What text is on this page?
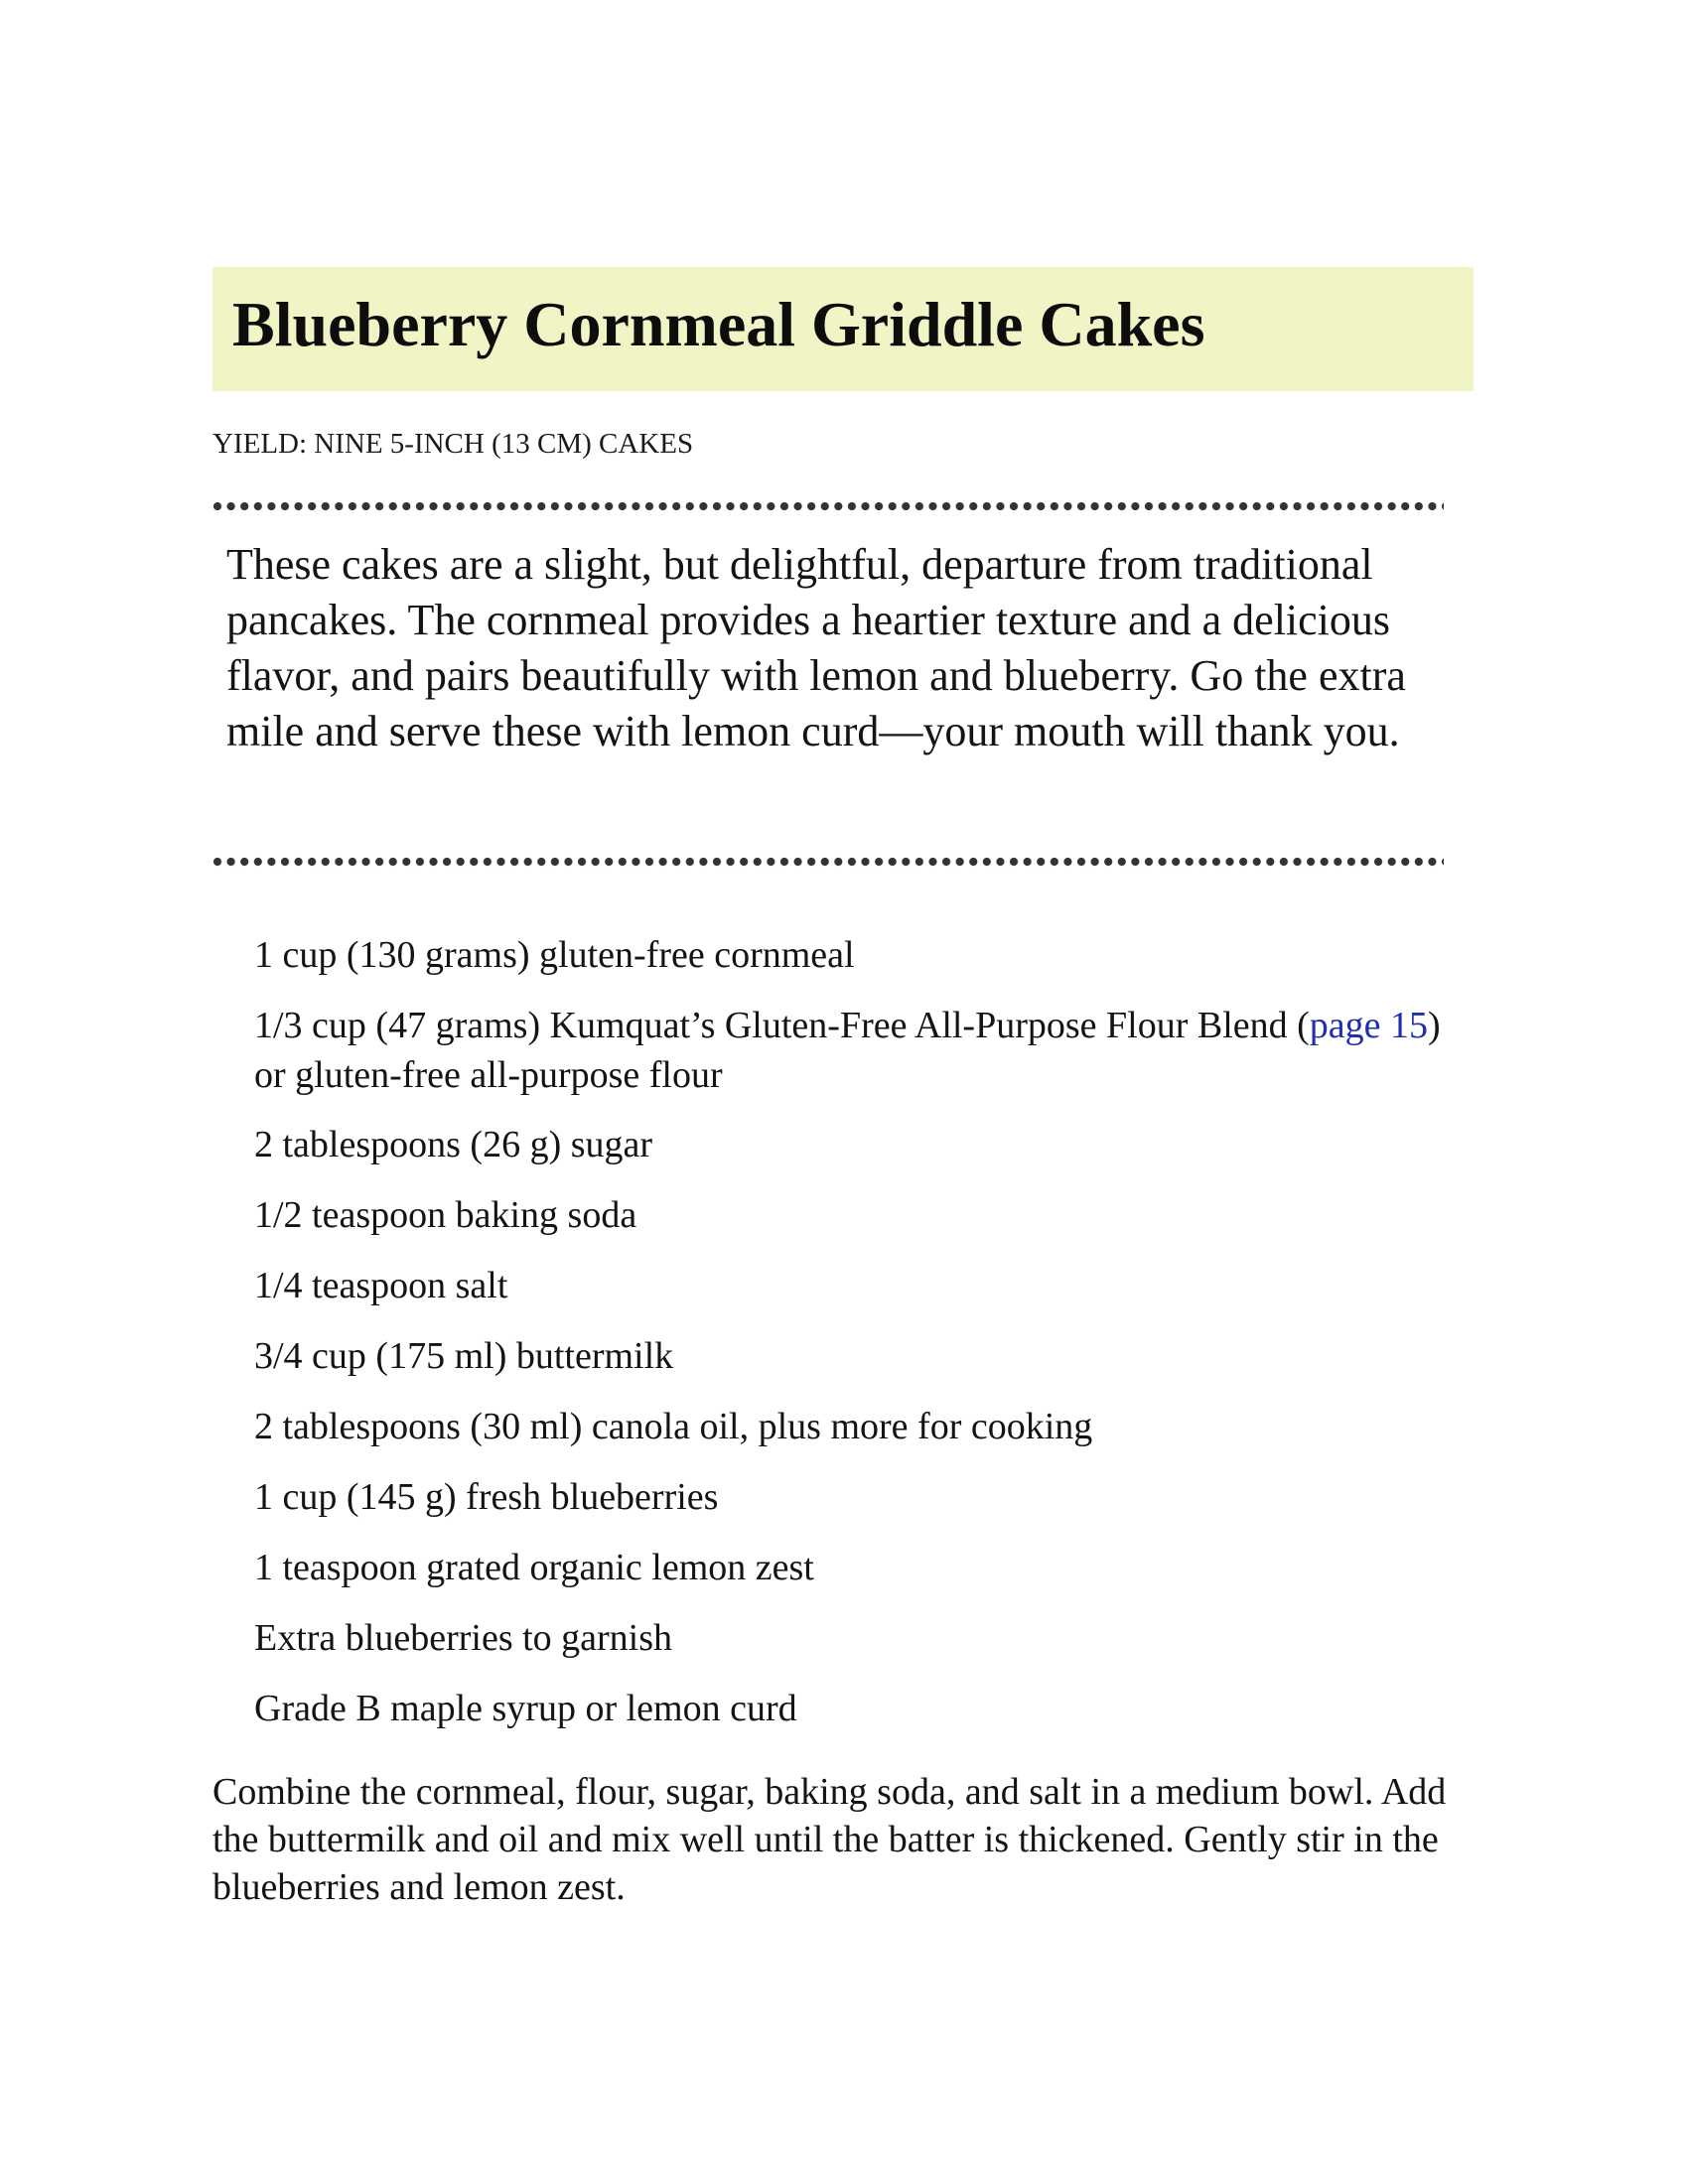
Blueberry Cornmeal Griddle Cakes
YIELD: NINE 5-INCH (13 CM) CAKES

These cakes are a slight, but delightful, departure from traditional pancakes. The cornmeal provides a heartier texture and a delicious flavor, and pairs beautifully with lemon and blueberry. Go the extra mile and serve these with lemon curd—your mouth will thank you.

1 cup (130 grams) gluten-free cornmeal
1/3 cup (47 grams) Kumquat’s Gluten-Free All-Purpose Flour Blend (page 15) or gluten-free all-purpose flour
2 tablespoons (26 g) sugar
1/2 teaspoon baking soda
1/4 teaspoon salt
3/4 cup (175 ml) buttermilk
2 tablespoons (30 ml) canola oil, plus more for cooking
1 cup (145 g) fresh blueberries
1 teaspoon grated organic lemon zest
Extra blueberries to garnish
Grade B maple syrup or lemon curd

Combine the cornmeal, flour, sugar, baking soda, and salt in a medium bowl. Add the buttermilk and oil and mix well until the batter is thickened. Gently stir in the blueberries and lemon zest.
